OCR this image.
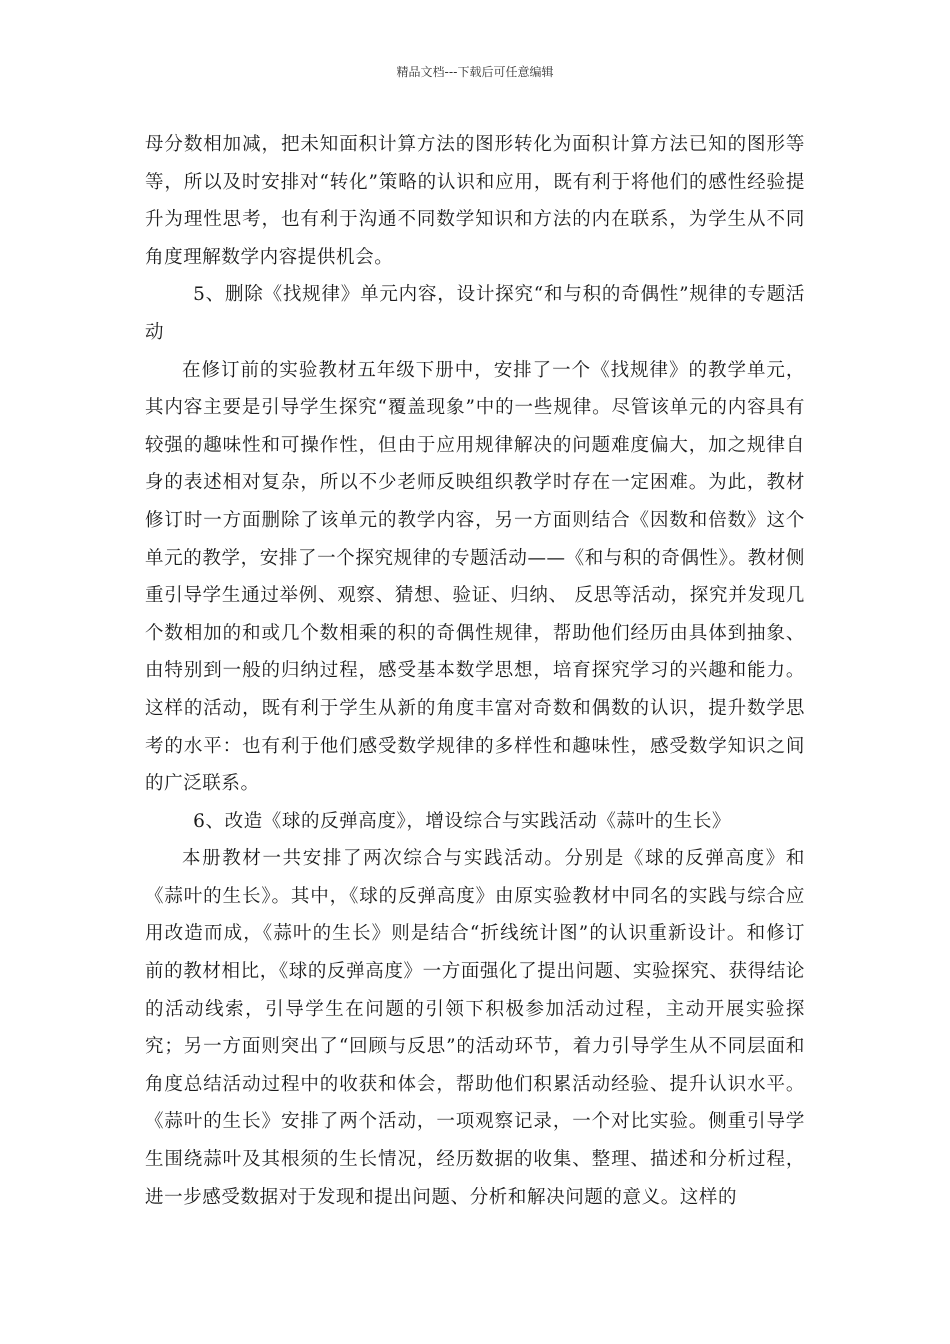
精品文档---下载后可任意编辑

母分数相加减，把未知面积计算方法的图形转化为面积计算方法已知的图形等等，所以及时安排对“转化”策略的认识和应用，既有利于将他们的感性经验提升为理性思考，也有利于沟通不同数学知识和方法的内在联系，为学生从不同角度理解数学内容提供机会。

5、删除《找规律》单元内容，设计探究“和与积的奇偶性”规律的专题活动

在修订前的实验教材五年级下册中，安排了一个《找规律》的教学单元，其内容主要是引导学生探究“覆盖现象”中的一些规律。尽管该单元的内容具有较强的趣味性和可操作性，但由于应用规律解决的问题难度偏大，加之规律自身的表述相对复杂，所以不少老师反映组织教学时存在一定困难。为此，教材修订时一方面删除了该单元的教学内容，另一方面则结合《因数和倍数》这个单元的教学，安排了一个探究规律的专题活动——《和与积的奇偶性》。教材侧重引导学生通过举例、观察、猜想、验证、归纳、 反思等活动，探究并发现几个数相加的和或几个数相乘的积的奇偶性规律，帮助他们经历由具体到抽象、由特别到一般的归纳过程，感受基本数学思想，培育探究学习的兴趣和能力。这样的活动，既有利于学生从新的角度丰富对奇数和偶数的认识，提升数学思考的水平：也有利于他们感受数学规律的多样性和趣味性，感受数学知识之间的广泛联系。

6、改造《球的反弹高度》，增设综合与实践活动《蒜叶的生长》

本册教材一共安排了两次综合与实践活动。分别是《球的反弹高度》和《蒜叶的生长》。其中，《球的反弹高度》由原实验教材中同名的实践与综合应用改造而成，《蒜叶的生长》则是结合“折线统计图”的认识重新设计。和修订前的教材相比，《球的反弹高度》一方面强化了提出问题、实验探究、获得结论的活动线索，引导学生在问题的引领下积极参加活动过程，主动开展实验探究；另一方面则突出了“回顾与反思”的活动环节，着力引导学生从不同层面和角度总结活动过程中的收获和体会，帮助他们积累活动经验、提升认识水平。《蒜叶的生长》安排了两个活动，一项观察记录，一个对比实验。侧重引导学生围绕蒜叶及其根须的生长情况，经历数据的收集、整理、描述和分析过程，进一步感受数据对于发现和提出问题、分析和解决问题的意义。这样的
